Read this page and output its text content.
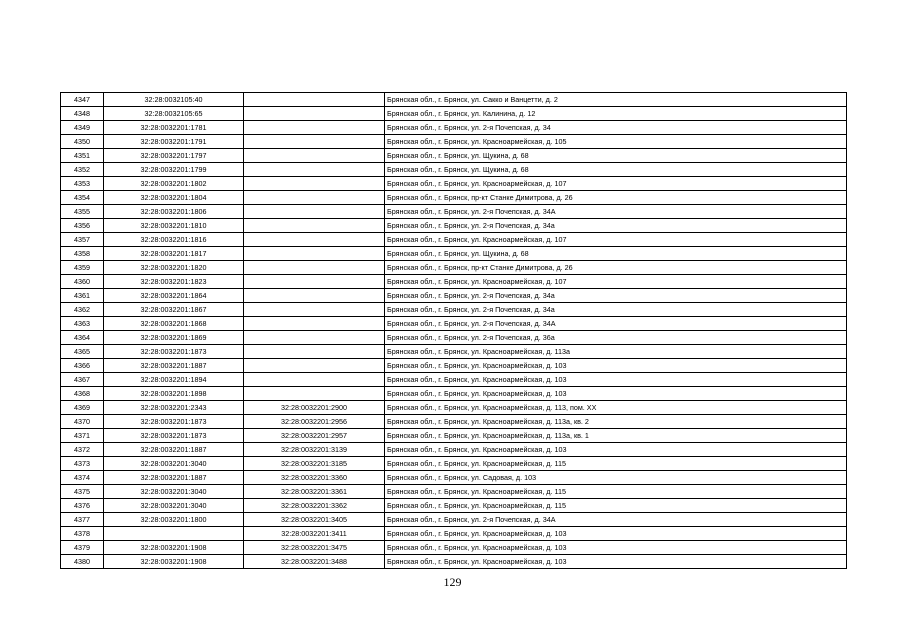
4347	32:28:0032105:40		Брянская обл., г. Брянск, ул. Сакко и Ванцетти, д. 2
4348	32:28:0032105:65		Брянская обл., г. Брянск, ул. Калинина, д. 12
4349	32:28:0032201:1781		Брянская обл., г. Брянск, ул. 2-я Почепская, д. 34
4350	32:28:0032201:1791		Брянская обл., г. Брянск, ул. Красноармейская, д. 105
4351	32:28:0032201:1797		Брянская обл., г. Брянск, ул. Щукина, д. 68
4352	32:28:0032201:1799		Брянская обл., г. Брянск, ул. Щукина, д. 68
4353	32:28:0032201:1802		Брянская обл., г. Брянск, ул. Красноармейская, д. 107
4354	32:28:0032201:1804		Брянская обл., г. Брянск, пр-кт Станке Димитрова, д. 26
4355	32:28:0032201:1806		Брянская обл., г. Брянск, ул. 2-я Почепская, д. 34А
4356	32:28:0032201:1810		Брянская обл., г. Брянск, ул. 2-я Почепская, д. 34а
4357	32:28:0032201:1816		Брянская обл., г. Брянск, ул. Красноармейская, д. 107
4358	32:28:0032201:1817		Брянская обл., г. Брянск, ул. Щукина, д. 68
4359	32:28:0032201:1820		Брянская обл., г. Брянск, пр-кт Станке Димитрова, д. 26
4360	32:28:0032201:1823		Брянская обл., г. Брянск, ул. Красноармейская, д. 107
4361	32:28:0032201:1864		Брянская обл., г. Брянск, ул. 2-я Почепская, д. 34а
4362	32:28:0032201:1867		Брянская обл., г. Брянск, ул. 2-я Почепская, д. 34а
4363	32:28:0032201:1868		Брянская обл., г. Брянск, ул. 2-я Почепская, д. 34А
4364	32:28:0032201:1869		Брянская обл., г. Брянск, ул. 2-я Почепская, д. 36а
4365	32:28:0032201:1873		Брянская обл., г. Брянск, ул. Красноармейская, д. 113а
4366	32:28:0032201:1887		Брянская обл., г. Брянск, ул. Красноармейская, д. 103
4367	32:28:0032201:1894		Брянская обл., г. Брянск, ул. Красноармейская, д. 103
4368	32:28:0032201:1898		Брянская обл., г. Брянск, ул. Красноармейская, д. 103
4369	32:28:0032201:2343	32:28:0032201:2900	Брянская обл., г. Брянск, ул. Красноармейская, д. 113, пом. XX
4370	32:28:0032201:1873	32:28:0032201:2956	Брянская обл., г. Брянск, ул. Красноармейская, д. 113а, кв. 2
4371	32:28:0032201:1873	32:28:0032201:2957	Брянская обл., г. Брянск, ул. Красноармейская, д. 113а, кв. 1
4372	32:28:0032201:1887	32:28:0032201:3139	Брянская обл., г. Брянск, ул. Красноармейская, д. 103
4373	32:28:0032201:3040	32:28:0032201:3185	Брянская обл., г. Брянск, ул. Красноармейская, д. 115
4374	32:28:0032201:1887	32:28:0032201:3360	Брянская обл., г. Брянск, ул. Садовая, д. 103
4375	32:28:0032201:3040	32:28:0032201:3361	Брянская обл., г. Брянск, ул. Красноармейская, д. 115
4376	32:28:0032201:3040	32:28:0032201:3362	Брянская обл., г. Брянск, ул. Красноармейская, д. 115
4377	32:28:0032201:1800	32:28:0032201:3405	Брянская обл., г. Брянск, ул. 2-я Почепская, д. 34А
4378		32:28:0032201:3411	Брянская обл., г. Брянск, ул. Красноармейская, д. 103
4379	32:28:0032201:1908	32:28:0032201:3475	Брянская обл., г. Брянск, ул. Красноармейская, д. 103
4380	32:28:0032201:1908	32:28:0032201:3488	Брянская обл., г. Брянск, ул. Красноармейская, д. 103
129
